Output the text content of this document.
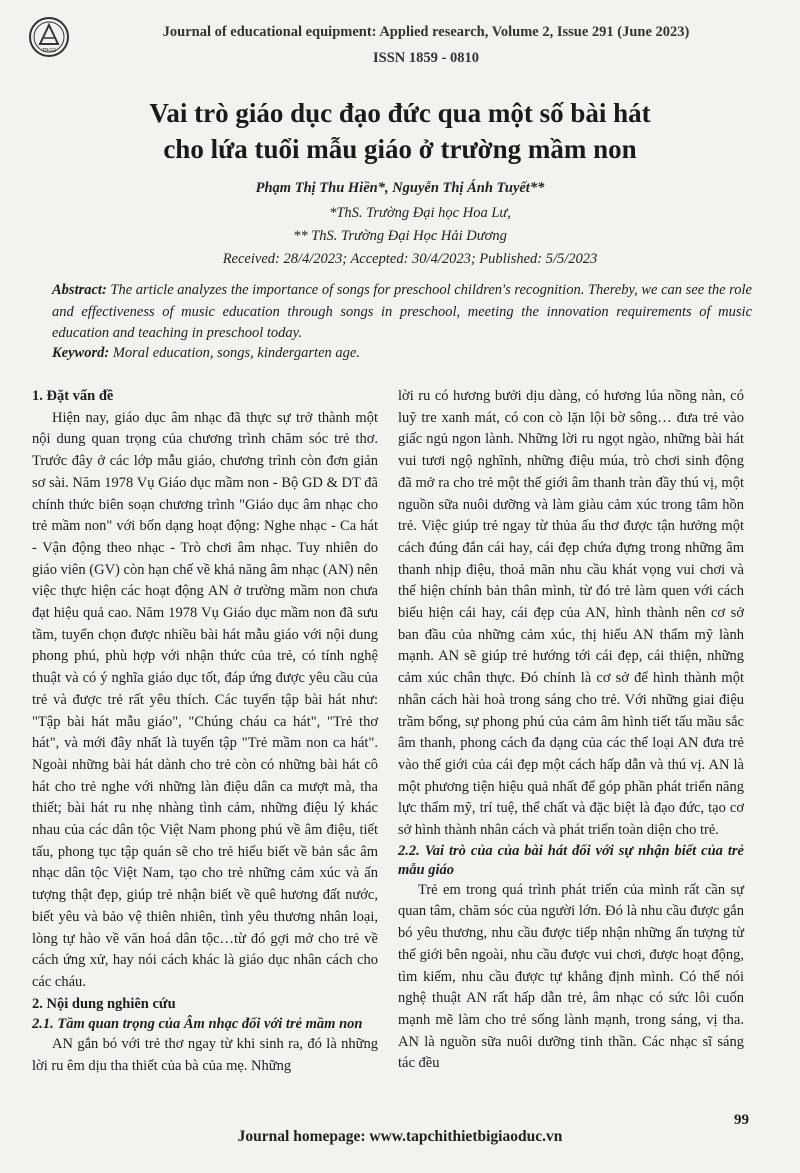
TBGD
Journal of educational equipment: Applied research, Volume 2, Issue 291 (June 2023)
ISSN 1859 - 0810
Vai trò giáo dục đạo đức qua một số bài hát
cho lứa tuổi mẫu giáo ở trường mầm non
Phạm Thị Thu Hiền*, Nguyễn Thị Ánh Tuyết**
*ThS. Trường Đại học Hoa Lư,
** ThS. Trường Đại Học Hải Dương
Received: 28/4/2023; Accepted: 30/4/2023; Published: 5/5/2023
Abstract: The article analyzes the importance of songs for preschool children's recognition. Thereby, we can see the role and effectiveness of music education through songs in preschool, meeting the innovation requirements of music education and teaching in preschool today.
Keyword: Moral education, songs, kindergarten age.
1. Đặt vấn đề

Hiện nay, giáo dục âm nhạc đã thực sự trở thành một nội dung quan trọng của chương trình chăm sóc trẻ thơ. Trước đây ở các lớp mẫu giáo, chương trình còn đơn giản sơ sài. Năm 1978 Vụ Giáo dục mầm non - Bộ GD & DT đã chính thức biên soạn chương trình "Giáo dục âm nhạc cho trẻ mầm non" với bốn dạng hoạt động: Nghe nhạc - Ca hát - Vận động theo nhạc - Trò chơi âm nhạc. Tuy nhiên do giáo viên (GV) còn hạn chế về khả năng âm nhạc (AN) nên việc thực hiện các hoạt động AN ở trường mầm non chưa đạt hiệu quả cao. Năm 1978 Vụ Giáo dục mầm non đã sưu tầm, tuyển chọn được nhiều bài hát mẫu giáo với nội dung phong phú, phù hợp với nhận thức của trẻ, có tính nghệ thuật và có ý nghĩa giáo dục tốt, đáp ứng được yêu cầu của trẻ và được trẻ rất yêu thích. Các tuyển tập bài hát như: "Tập bài hát mẫu giáo", "Chúng cháu ca hát", "Trẻ thơ hát", và mới đây nhất là tuyển tập "Trẻ mầm non ca hát". Ngoài những bài hát dành cho trẻ còn có những bài hát cô hát cho trẻ nghe với những làn điệu dân ca mượt mà, tha thiết; bài hát ru nhẹ nhàng tình cảm, những điệu lý khác nhau của các dân tộc Việt Nam phong phú về âm điệu, tiết tấu, phong tục tập quán sẽ cho trẻ hiểu biết về bản sắc âm nhạc dân tộc Việt Nam, tạo cho trẻ những cảm xúc và ấn tượng thật đẹp, giúp trẻ nhận biết về quê hương đất nước, biết yêu và bảo vệ thiên nhiên, tình yêu thương nhân loại, lòng tự hào về văn hoá dân tộc…từ đó gợi mở cho trẻ về cách ứng xử, hay nói cách khác là giáo dục nhân cách cho các cháu.

2. Nội dung nghiên cứu
2.1. Tầm quan trọng của Âm nhạc đối với trẻ mầm non

AN gắn bó với trẻ thơ ngay từ khi sinh ra, đó là những lời ru êm dịu tha thiết của bà của mẹ. Những

lời ru có hương bưởi dịu dàng, có hương lúa nồng nàn, có luỹ tre xanh mát, có con cò lặn lội bờ sông… đưa trẻ vào giấc ngủ ngon lành. Những lời ru ngọt ngào, những bài hát vui tươi ngộ nghĩnh, những điệu múa, trò chơi sinh động đã mở ra cho trẻ một thế giới âm thanh tràn đầy thú vị, một nguồn sữa nuôi dưỡng và làm giàu cảm xúc trong tâm hồn trẻ. Việc giúp trẻ ngay từ thủa ấu thơ được tận hưởng một cách đúng đắn cái hay, cái đẹp chứa đựng trong những âm thanh nhịp điệu, thoả mãn nhu cầu khát vọng vui chơi và thể hiện chính bản thân mình, từ đó trẻ làm quen với cách biểu hiện cái hay, cái đẹp của AN, hình thành nên cơ sở ban đầu của những cảm xúc, thị hiếu AN thẩm mỹ lành mạnh. AN sẽ giúp trẻ hướng tới cái đẹp, cái thiện, những cảm xúc chân thực. Đó chính là cơ sở để hình thành một nhân cách hài hoà trong sáng cho trẻ. Với những giai điệu trầm bổng, sự phong phú của cảm âm hình tiết tấu mầu sắc âm thanh, phong cách đa dạng của các thể loại AN đưa trẻ vào thế giới của cái đẹp một cách hấp dẫn và thú vị. AN là một phương tiện hiệu quả nhất để góp phần phát triển năng lực thẩm mỹ, trí tuệ, thể chất và đặc biệt là đạo đức, tạo cơ sở hình thành nhân cách và phát triển toàn diện cho trẻ.

2.2. Vai trò của của bài hát đối với sự nhận biết của trẻ mẫu giáo

Trẻ em trong quá trình phát triển của mình rất cần sự quan tâm, chăm sóc của người lớn. Đó là nhu cầu được gắn bó yêu thương, nhu cầu được tiếp nhận những ấn tượng từ thế giới bên ngoài, nhu cầu được vui chơi, được hoạt động, tìm kiếm, nhu cầu được tự khẳng định mình. Có thể nói nghệ thuật AN rất hấp dẫn trẻ, âm nhạc có sức lôi cuốn mạnh mẽ làm cho trẻ sống lành mạnh, trong sáng, vị tha. AN là nguồn sữa nuôi dưỡng tinh thần. Các nhạc sĩ sáng tác đều

99
Journal homepage: www.tapchithietbigiaoduc.vn
